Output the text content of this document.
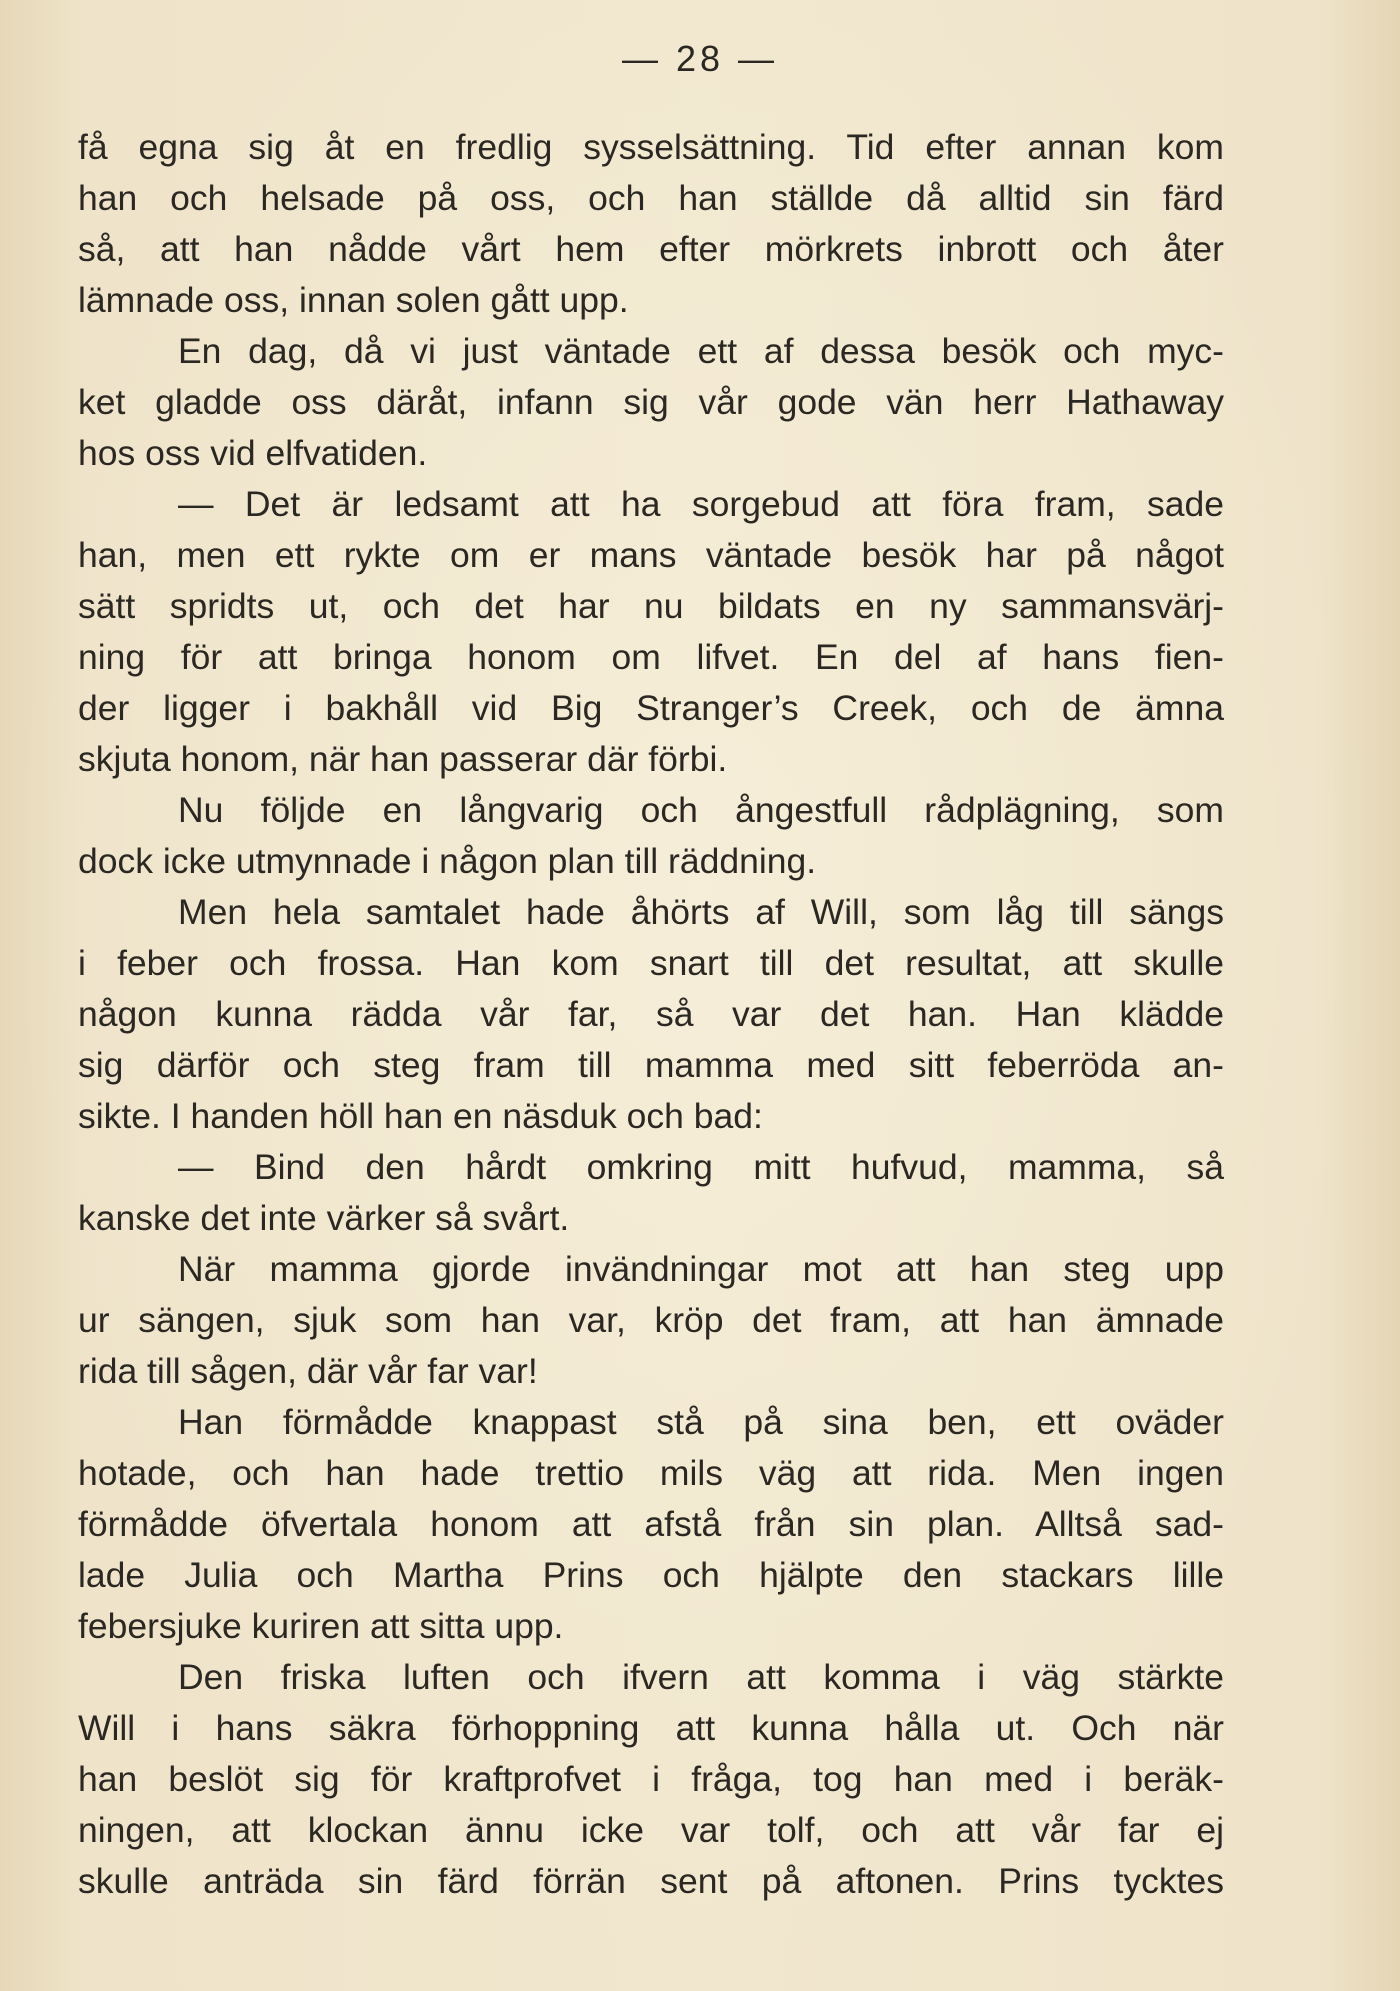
— 28 —
få egna sig åt en fredlig sysselsättning. Tid efter annan kom
han och helsade på oss, och han ställde då alltid sin färd
så, att han nådde vårt hem efter mörkrets inbrott och åter
lämnade oss, innan solen gått upp.
En dag, då vi just väntade ett af dessa besök och myc-
ket gladde oss däråt, infann sig vår gode vän herr Hathaway
hos oss vid elfvatiden.
— Det är ledsamt att ha sorgebud att föra fram, sade
han, men ett rykte om er mans väntade besök har på något
sätt spridts ut, och det har nu bildats en ny sammansvärj-
ning för att bringa honom om lifvet. En del af hans fien-
der ligger i bakhåll vid Big Stranger’s Creek, och de ämna
skjuta honom, när han passerar där förbi.
Nu följde en långvarig och ångestfull rådplägning, som
dock icke utmynnade i någon plan till räddning.
Men hela samtalet hade åhörts af Will, som låg till sängs
i feber och frossa. Han kom snart till det resultat, att skulle
någon kunna rädda vår far, så var det han. Han klädde
sig därför och steg fram till mamma med sitt feberröda an-
sikte. I handen höll han en näsduk och bad:
— Bind den hårdt omkring mitt hufvud, mamma, så
kanske det inte värker så svårt.
När mamma gjorde invändningar mot att han steg upp
ur sängen, sjuk som han var, kröp det fram, att han ämnade
rida till sågen, där vår far var!
Han förmådde knappast stå på sina ben, ett oväder
hotade, och han hade trettio mils väg att rida. Men ingen
förmådde öfvertala honom att afstå från sin plan. Alltså sad-
lade Julia och Martha Prins och hjälpte den stackars lille
febersjuke kuriren att sitta upp.
Den friska luften och ifvern att komma i väg stärkte
Will i hans säkra förhoppning att kunna hålla ut. Och när
han beslöt sig för kraftprofvet i fråga, tog han med i beräk-
ningen, att klockan ännu icke var tolf, och att vår far ej
skulle anträda sin färd förrän sent på aftonen. Prins tycktes
